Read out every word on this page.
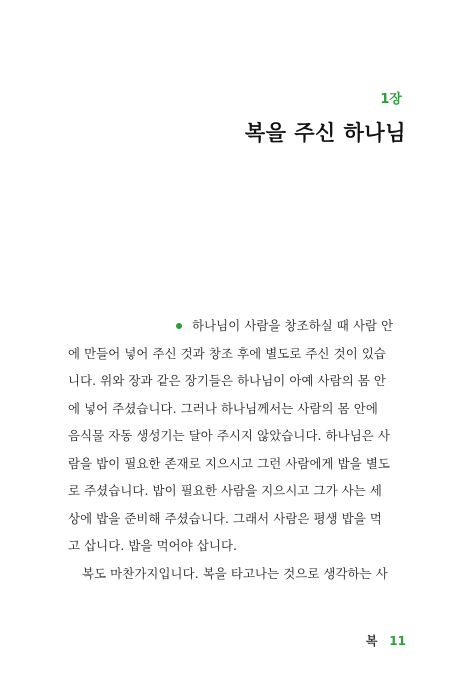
1장
복을 주신 하나님
하나님이 사람을 창조하실 때 사람 안
에 만들어 넣어 주신 것과 창조 후에 별도로 주신 것이 있습
니다. 위와 장과 같은 장기들은 하나님이 아예 사람의 몸 안
에 넣어 주셨습니다. 그러나 하나님께서는 사람의 몸 안에
음식물 자동 생성기는 달아 주시지 않았습니다. 하나님은 사
람을 밥이 필요한 존재로 지으시고 그런 사람에게 밥을 별도
로 주셨습니다. 밥이 필요한 사람을 지으시고 그가 사는 세
상에 밥을 준비해 주셨습니다. 그래서 사람은 평생 밥을 먹
고 삽니다. 밥을 먹어야 삽니다.
복도 마찬가지입니다. 복을 타고나는 것으로 생각하는 사
복 11
